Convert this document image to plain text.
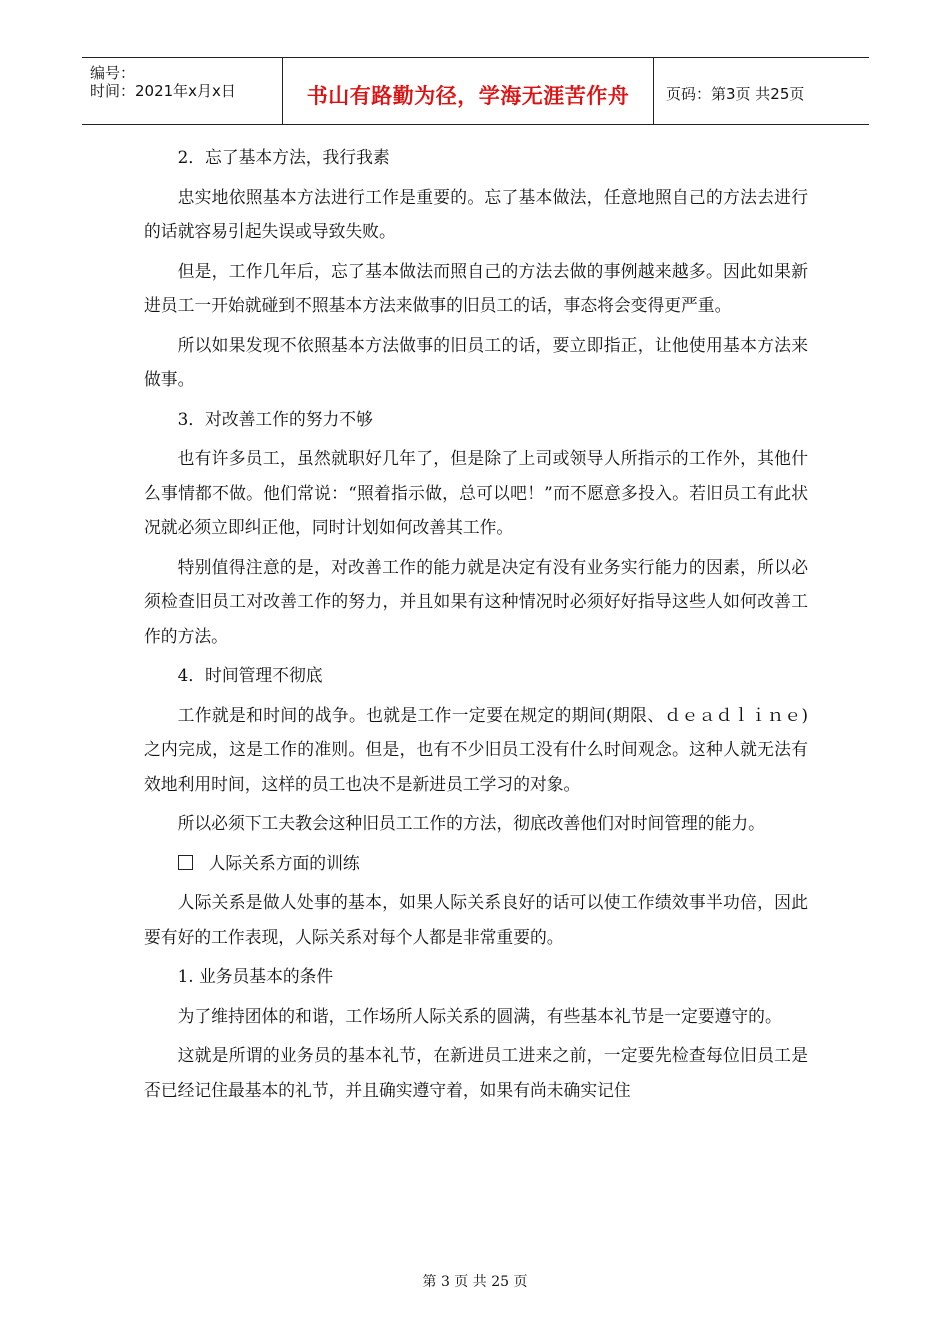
编号：
时间：2021年x月x日	书山有路勤为径，学海无涯苦作舟	页码：第3页 共25页
2．忘了基本方法，我行我素
忠实地依照基本方法进行工作是重要的。忘了基本做法，任意地照自己的方法去进行的话就容易引起失误或导致失败。
但是，工作几年后，忘了基本做法而照自己的方法去做的事例越来越多。因此如果新进员工一开始就碰到不照基本方法来做事的旧员工的话，事态将会变得更严重。
所以如果发现不依照基本方法做事的旧员工的话，要立即指正，让他使用基本方法来做事。
3．对改善工作的努力不够
也有许多员工，虽然就职好几年了，但是除了上司或领导人所指示的工作外，其他什么事情都不做。他们常说：“照着指示做，总可以吧！”而不愿意多投入。若旧员工有此状况就必须立即纠正他，同时计划如何改善其工作。
特别值得注意的是，对改善工作的能力就是决定有没有业务实行能力的因素，所以必须检查旧员工对改善工作的努力，并且如果有这种情况时必须好好指导这些人如何改善工作的方法。
4．时间管理不彻底
工作就是和时间的战争。也就是工作一定要在规定的期间(期限、ｄｅａｄｌｉｎｅ)之内完成，这是工作的准则。但是，也有不少旧员工没有什么时间观念。这种人就无法有效地利用时间，这样的员工也决不是新进员工学习的对象。
所以必须下工夫教会这种旧员工工作的方法，彻底改善他们对时间管理的能力。
人际关系方面的训练
人际关系是做人处事的基本，如果人际关系良好的话可以使工作绩效事半功倍，因此要有好的工作表现，人际关系对每个人都是非常重要的。
1. 业务员基本的条件
为了维持团体的和谐，工作场所人际关系的圆满，有些基本礼节是一定要遵守的。
这就是所谓的业务员的基本礼节，在新进员工进来之前，一定要先检查每位旧员工是否已经记住最基本的礼节，并且确实遵守着，如果有尚未确实记住
第 3 页 共 25 页
